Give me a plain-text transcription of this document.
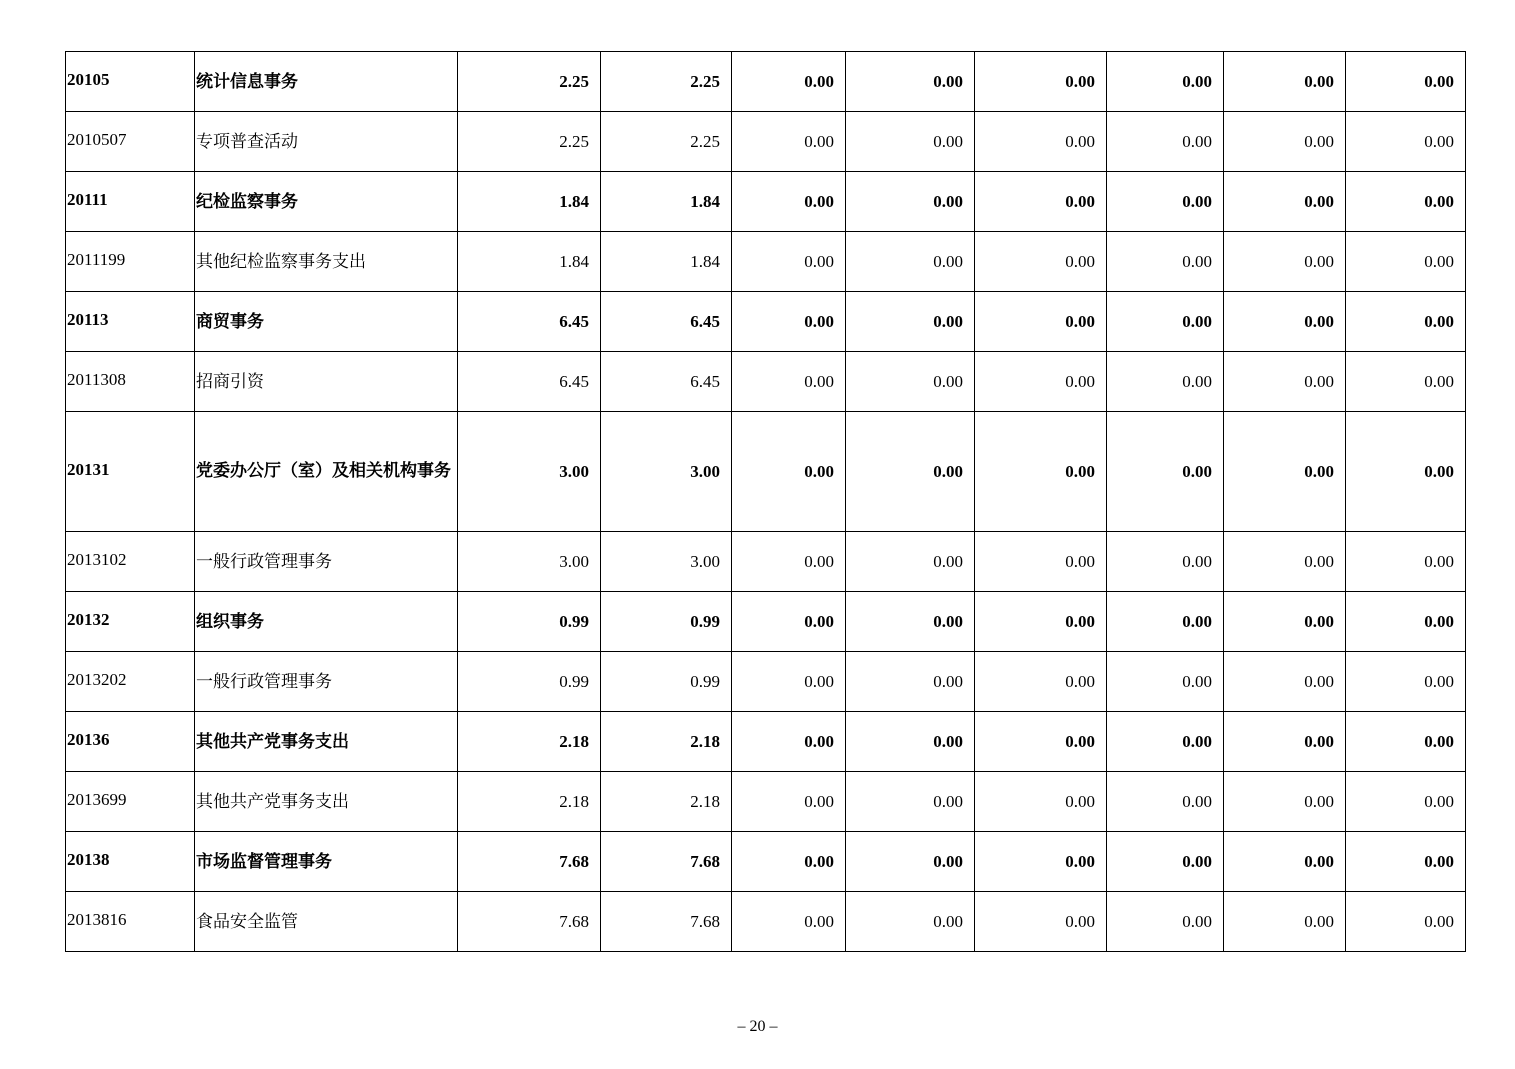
20105	统计信息事务	2.25	2.25	0.00	0.00	0.00	0.00	0.00	0.00
2010507	专项普查活动	2.25	2.25	0.00	0.00	0.00	0.00	0.00	0.00
20111	纪检监察事务	1.84	1.84	0.00	0.00	0.00	0.00	0.00	0.00
2011199	其他纪检监察事务支出	1.84	1.84	0.00	0.00	0.00	0.00	0.00	0.00
20113	商贸事务	6.45	6.45	0.00	0.00	0.00	0.00	0.00	0.00
2011308	招商引资	6.45	6.45	0.00	0.00	0.00	0.00	0.00	0.00
20131	党委办公厅（室）及相关机构事务	3.00	3.00	0.00	0.00	0.00	0.00	0.00	0.00
2013102	一般行政管理事务	3.00	3.00	0.00	0.00	0.00	0.00	0.00	0.00
20132	组织事务	0.99	0.99	0.00	0.00	0.00	0.00	0.00	0.00
2013202	一般行政管理事务	0.99	0.99	0.00	0.00	0.00	0.00	0.00	0.00
20136	其他共产党事务支出	2.18	2.18	0.00	0.00	0.00	0.00	0.00	0.00
2013699	其他共产党事务支出	2.18	2.18	0.00	0.00	0.00	0.00	0.00	0.00
20138	市场监督管理事务	7.68	7.68	0.00	0.00	0.00	0.00	0.00	0.00
2013816	食品安全监管	7.68	7.68	0.00	0.00	0.00	0.00	0.00	0.00
– 20 –
